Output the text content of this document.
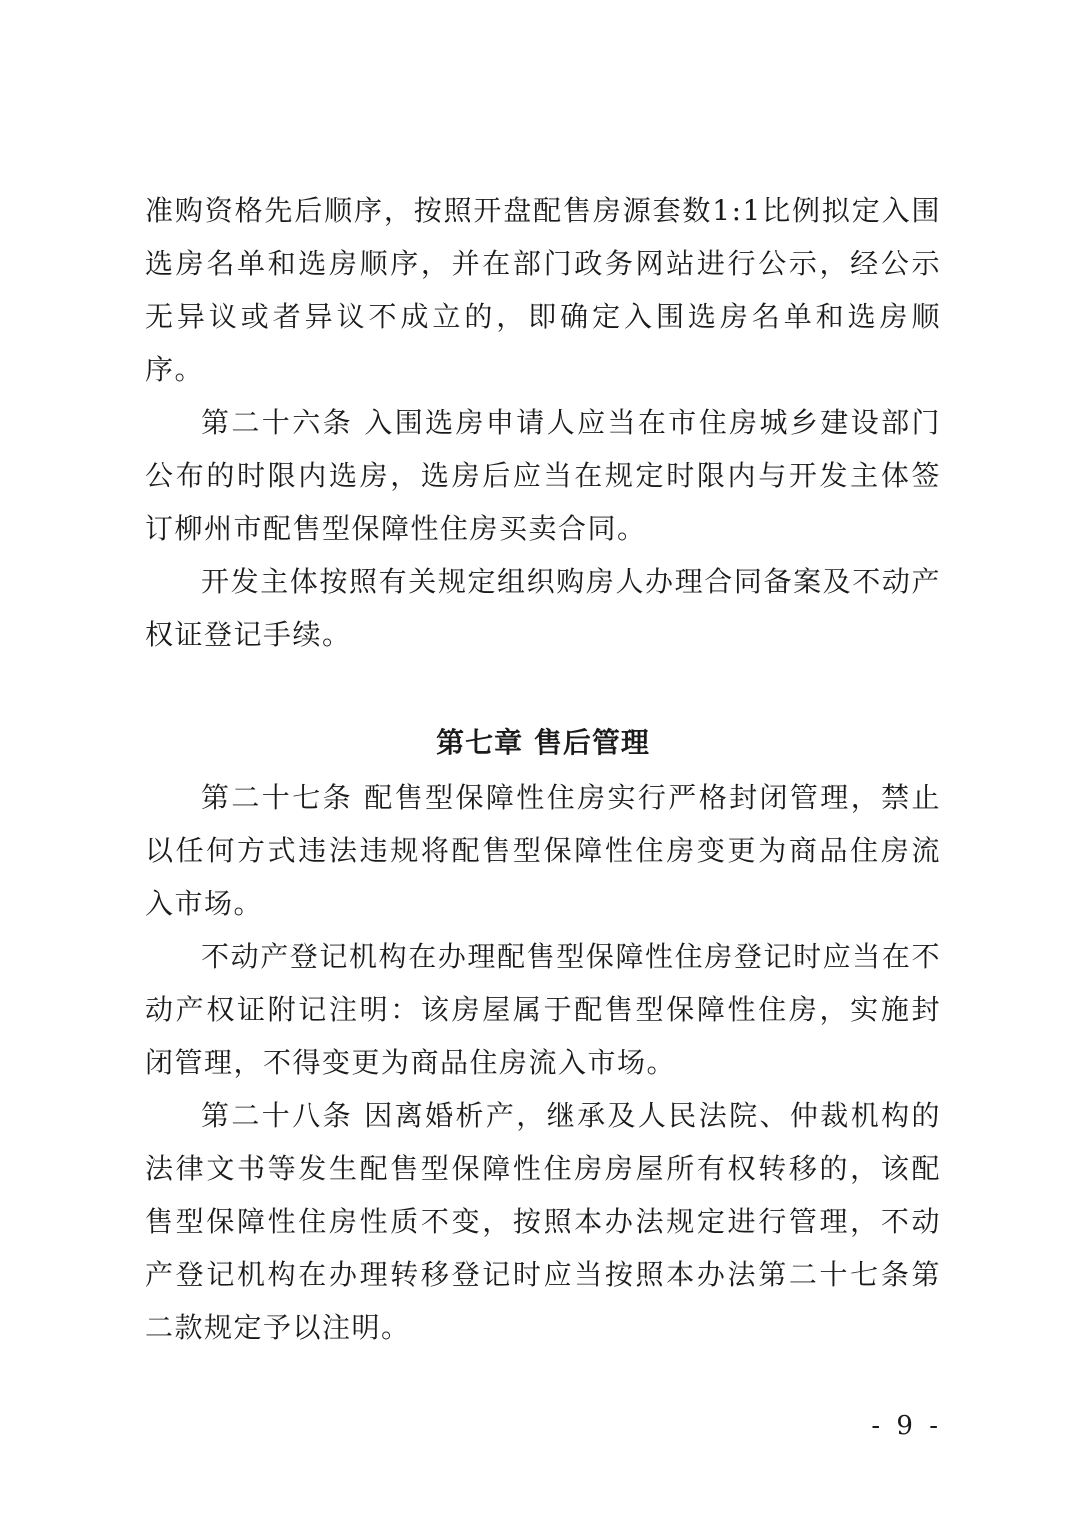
准购资格先后顺序，按照开盘配售房源套数1:1比例拟定入围选房名单和选房顺序，并在部门政务网站进行公示，经公示无异议或者异议不成立的，即确定入围选房名单和选房顺序。

第二十六条 入围选房申请人应当在市住房城乡建设部门公布的时限内选房，选房后应当在规定时限内与开发主体签订柳州市配售型保障性住房买卖合同。

开发主体按照有关规定组织购房人办理合同备案及不动产权证登记手续。

第七章 售后管理

第二十七条 配售型保障性住房实行严格封闭管理，禁止以任何方式违法违规将配售型保障性住房变更为商品住房流入市场。

不动产登记机构在办理配售型保障性住房登记时应当在不动产权证附记注明：该房屋属于配售型保障性住房，实施封闭管理，不得变更为商品住房流入市场。

第二十八条 因离婚析产，继承及人民法院、仲裁机构的法律文书等发生配售型保障性住房房屋所有权转移的，该配售型保障性住房性质不变，按照本办法规定进行管理，不动产登记机构在办理转移登记时应当按照本办法第二十七条第二款规定予以注明。

- 9 -
